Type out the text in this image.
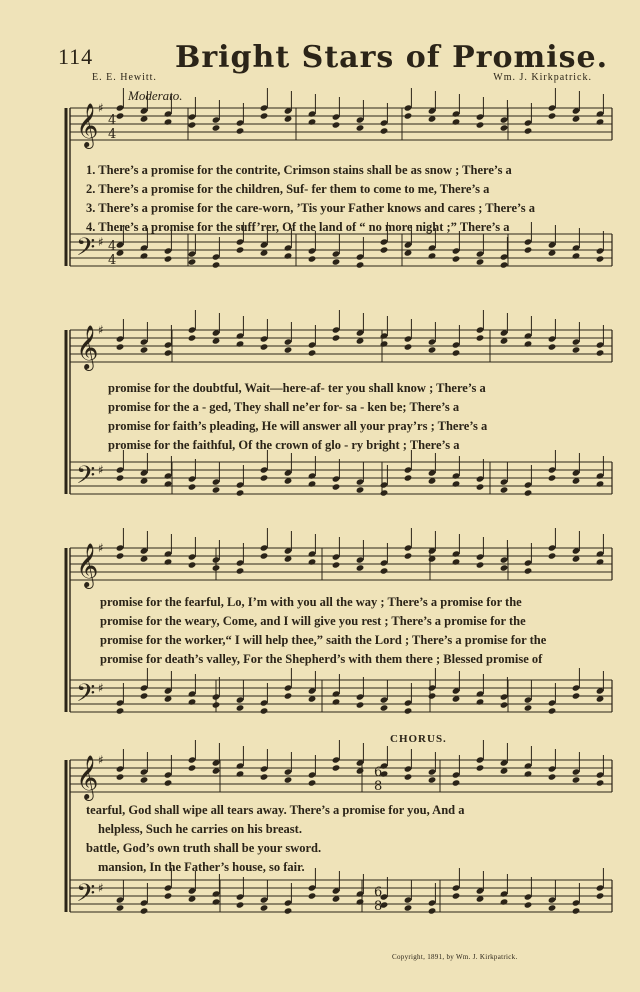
114	Bright Stars of Promise.
E. E. Hewitt.	Wm. J. Kirkpatrick.
Moderato.
CHORUS.
Copyright, 1891, by Wm. J. Kirkpatrick.
𝄞
𝄢
♯
♯
𝄞
𝄢
♯
♯
𝄞
𝄢
♯
♯
𝄞
𝄢
♯
♯
4
4
4
4
6
8
6
8
1. There’s a promise for the contrite, Crimson stains shall be as snow ; There’s a
2. There’s a promise for the children, Suf- fer them to come to me, There’s a
3. There’s a promise for the care-worn, ’Tis your Father knows and cares ; There’s a
4. There’s a promise for the suff’rer, Of the land of “ no more night ;” There’s a
promise for the doubtful, Wait—here-af- ter you shall know ; There’s a
promise for the a - ged, They shall ne’er for- sa - ken be; There’s a
promise for faith’s pleading, He will answer all your pray’rs ; There’s a
promise for the faithful, Of the crown of glo - ry bright ; There’s a
promise for the fearful, Lo, I’m with you all the way ; There’s a promise for the
promise for the weary, Come, and I will give you rest ; There’s a promise for the
promise for the worker,“ I will help thee,” saith the Lord ; There’s a promise for the
promise for death’s valley, For the Shepherd’s with them there ; Blessed promise of
tearful, God shall wipe all tears away. There’s a promise for you, And a
helpless, Such he carries on his breast.
battle, God’s own truth shall be your sword.
mansion, In the Father’s house, so fair.
